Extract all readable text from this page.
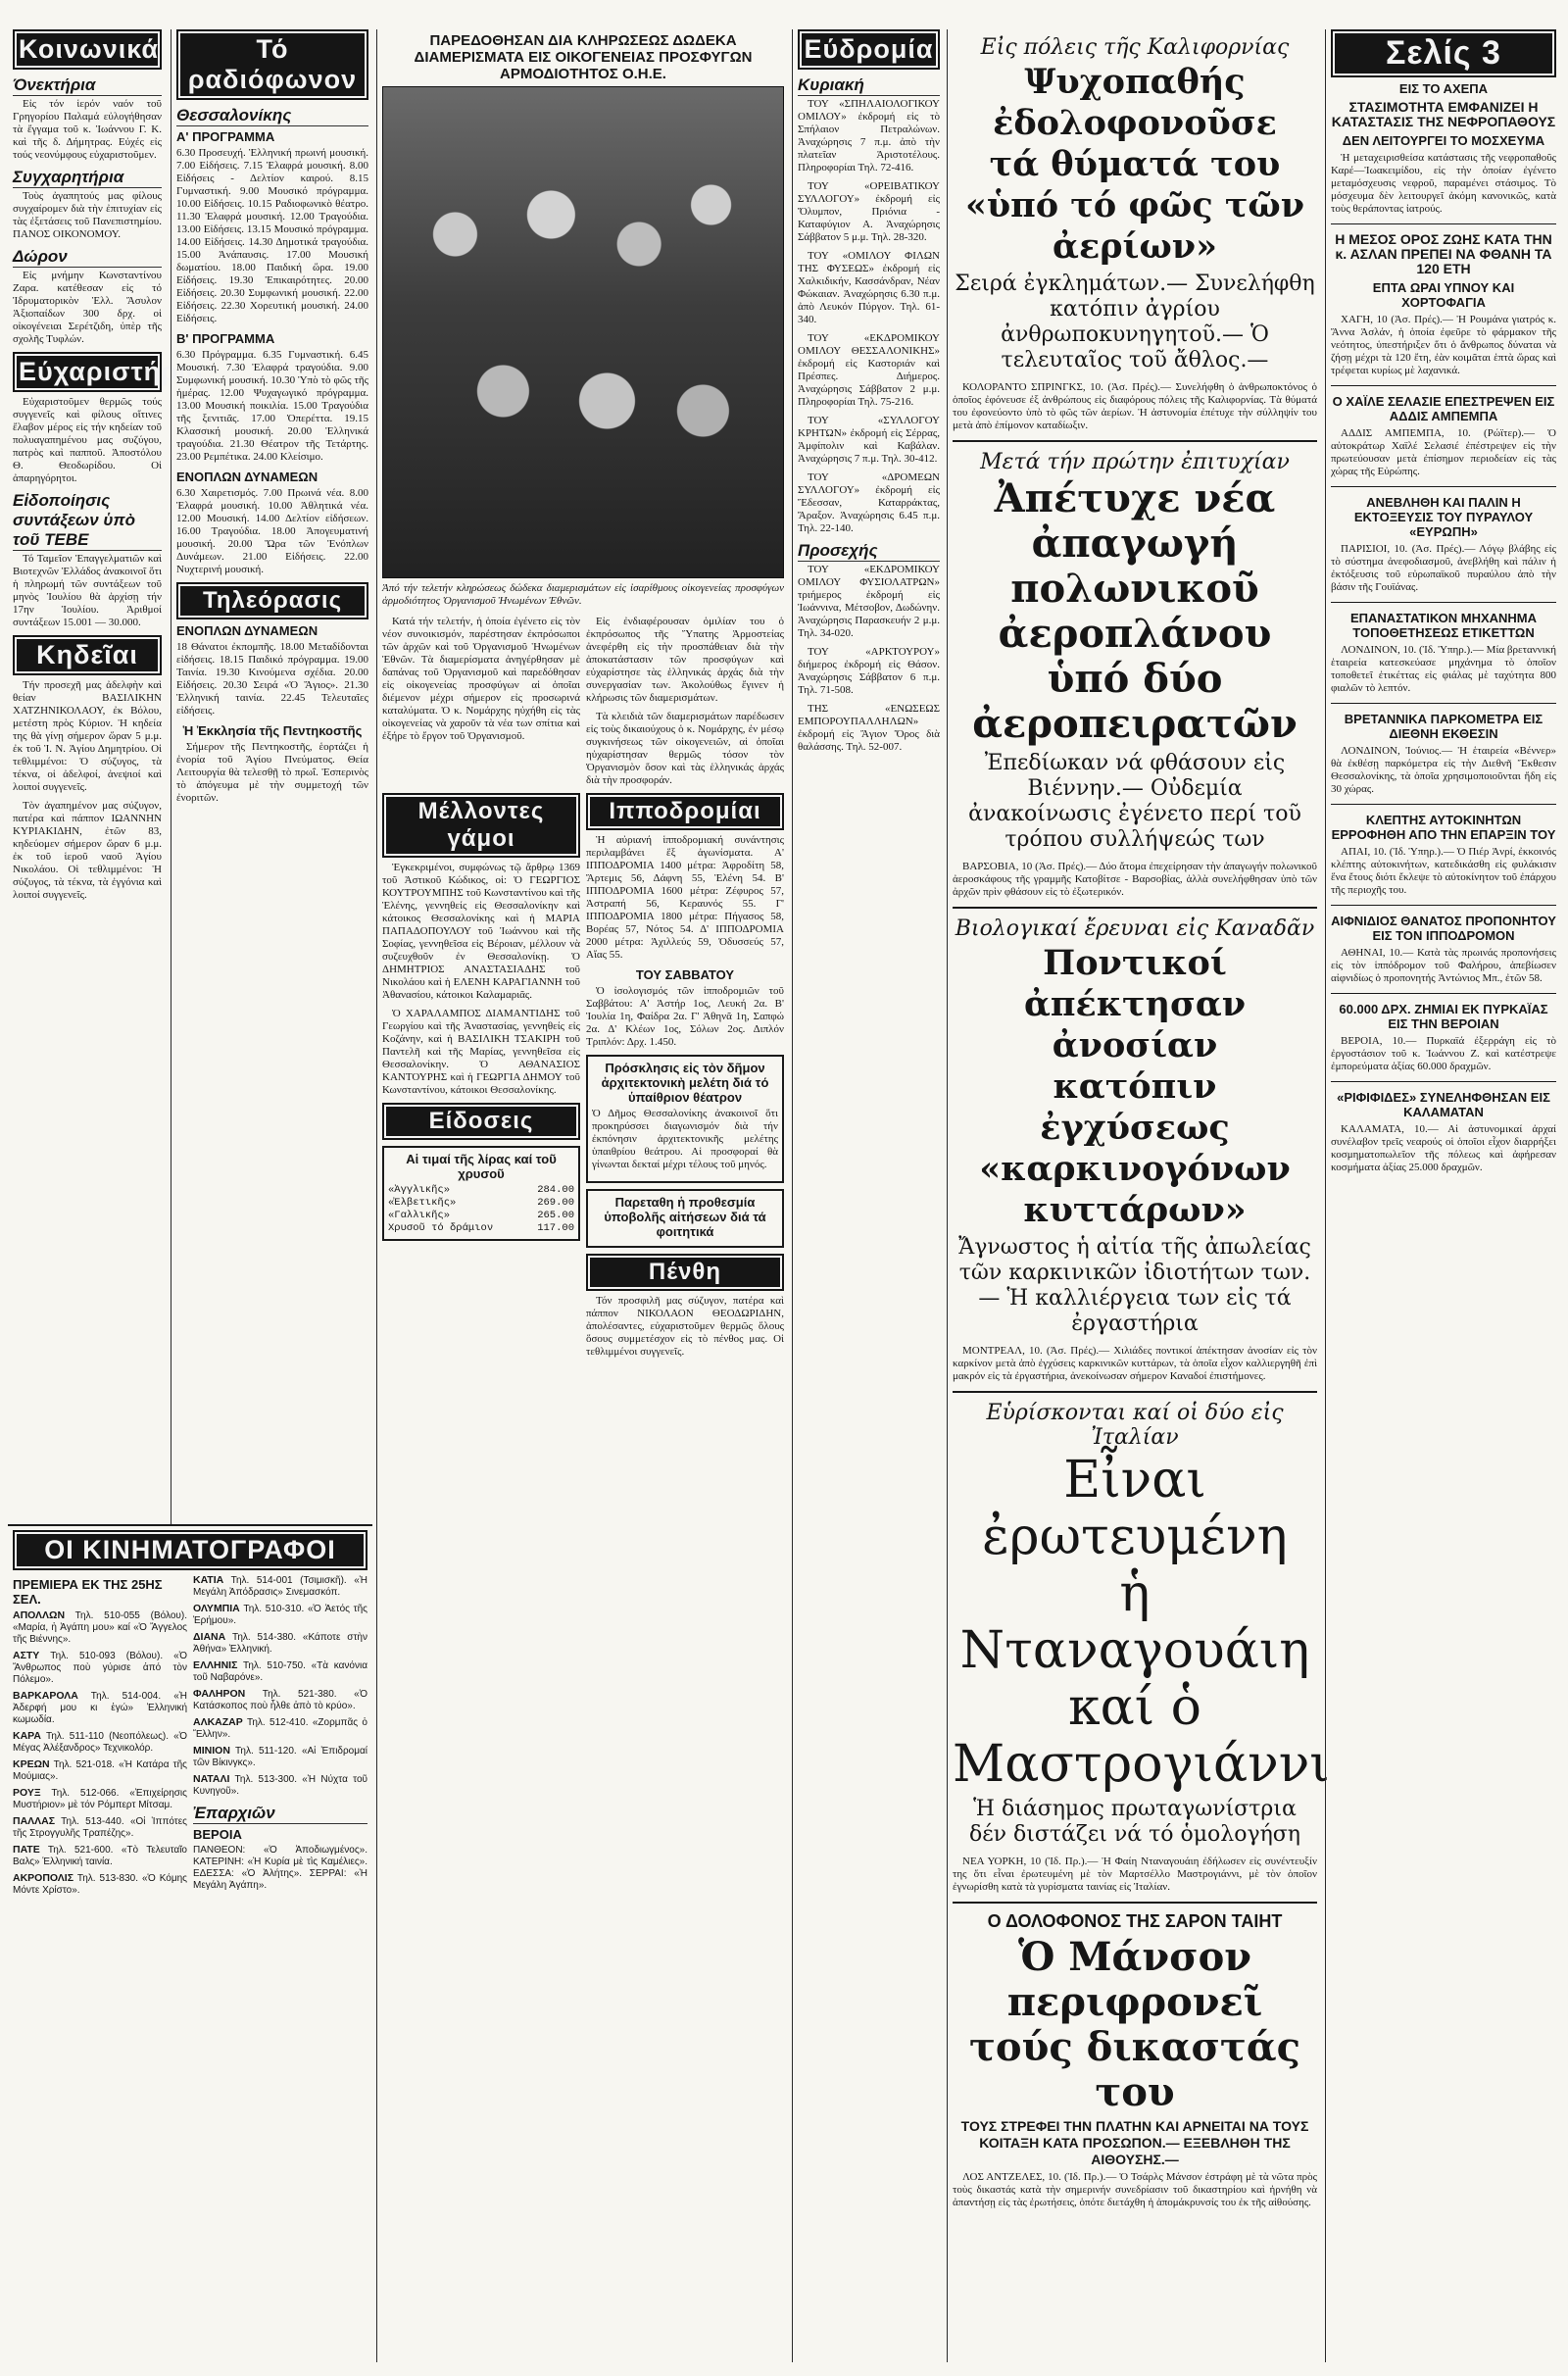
Κοινωνικά
Όνεκτήρια

Εἰς τόν ἱερόν ναόν τοῦ Γρηγορίου Παλαμά εὐλογήθησαν τὰ ἔγγαμα τοῦ κ. Ἰωάννου Γ. Κ. καὶ τῆς δ. Δήμητρας. Εὐχές εἰς τούς νεονύμφους εὐχαριστοῦμεν.

Συγχαρητήρια

Τοὺς ἀγαπητούς μας φίλους συγχαίρομεν διὰ τὴν ἐπιτυχίαν εἰς τὰς ἐξετάσεις τοῦ Πανεπιστημίου. ΠΑΝΟΣ ΟΙΚΟΝΟΜΟΥ.

Δώρον

Εἰς μνήμην Κωνσταντίνου Ζαρα. κατέθεσαν εἰς τό Ἰδρυματορικὸν Ἑλλ. Ἄσυλον Ἀξιοπαίδων 300 δρχ. οἱ οἰκογένειαι Σερέτζιδη, ὑπὲρ τῆς σχολῆς Τυφλών.

Εύχαριστήρια

Εὐχαριστοῦμεν θερμῶς τούς συγγενεῖς καὶ φίλους οἵτινες ἔλαβον μέρος εἰς τήν κηδείαν τοῦ πολυαγαπημένου μας συζύγου, πατρὸς καὶ παπποῦ. Ἀποστόλου Θ. Θεοδωρίδου. Οἱ ἀπαρηγόρητοι.

Εἰδοποίησις συντάξεων ὑπὸ τοῦ ΤΕΒΕ

Τό Ταμεῖον Ἐπαγγελματιῶν καὶ Βιοτεχνῶν Ἑλλάδος ἀνακοινοῖ ὅτι ἡ πληρωμή τῶν συντάξεων τοῦ μηνὸς Ἰουλίου θὰ ἀρχίσῃ τήν 17ην Ἰουλίου. Ἀριθμοί συντάξεων 15.001 — 30.000.

Κηδεῖαι

Τήν προσεχῆ μας ἀδελφὴν καὶ θείαν ΒΑΣΙΛΙΚΗΝ ΧΑΤΖΗΝΙΚΟΛΑΟΥ, ἐκ Βόλου, μετέστη πρὸς Κύριον. Ἡ κηδεία της θὰ γίνῃ σήμερον ὥραν 5 μ.μ. ἐκ τοῦ Ἱ. Ν. Ἀγίου Δημητρίου. Οἱ τεθλιμμένοι: Ὁ σύζυγος, τὰ τέκνα, οἱ ἀδελφοί, ἀνεψιοί καὶ λοιποί συγγενεῖς.

Τὸν ἀγαπημένον μας σύζυγον, πατέρα καὶ πάππον ΙΩΑΝΝΗΝ ΚΥΡΙΑΚΙΔΗΝ, ἐτῶν 83, κηδεύομεν σήμερον ὥραν 6 μ.μ. ἐκ τοῦ ἱεροῦ ναοῦ Ἁγίου Νικολάου. Οἱ τεθλιμμένοι: Ἡ σύζυγος, τὰ τέκνα, τὰ ἐγγόνια καὶ λοιποί συγγενεῖς.

Τό ραδιόφωνον
Θεσσαλονίκης
Α' ΠΡΟΓΡΑΜΜΑ

6.30 Προσευχή. Ἑλληνική πρωινή μουσική. 7.00 Εἰδήσεις. 7.15 Ἐλαφρά μουσική. 8.00 Εἰδήσεις - Δελτίον καιρού. 8.15 Γυμναστική. 9.00 Μουσικό πρόγραμμα. 10.00 Εἰδήσεις. 10.15 Ραδιοφωνικὸ θέατρο. 11.30 Ἐλαφρά μουσική. 12.00 Τραγούδια. 13.00 Εἰδήσεις. 13.15 Μουσικό πρόγραμμα. 14.00 Εἰδήσεις. 14.30 Δημοτικά τραγούδια. 15.00 Ἀνάπαυσις. 17.00 Μουσική δωματίου. 18.00 Παιδική ὥρα. 19.00 Εἰδήσεις. 19.30 Ἐπικαιρότητες. 20.00 Εἰδήσεις. 20.30 Συμφωνική μουσική. 22.00 Εἰδήσεις. 22.30 Χορευτική μουσική. 24.00 Εἰδήσεις.

Β' ΠΡΟΓΡΑΜΜΑ

6.30 Πρόγραμμα. 6.35 Γυμναστική. 6.45 Μουσική. 7.30 Ἐλαφρά τραγούδια. 9.00 Συμφωνική μουσική. 10.30 Ὑπὸ τὸ φῶς τῆς ἡμέρας. 12.00 Ψυχαγωγικό πρόγραμμα. 13.00 Μουσική ποικιλία. 15.00 Τραγούδια τῆς ξενιτιᾶς. 17.00 Ὀπερέττα. 19.15 Κλασσική μουσική. 20.00 Ἑλληνικά τραγούδια. 21.30 Θέατρον τῆς Τετάρτης. 23.00 Ρεμπέτικα. 24.00 Κλείσιμο.

ΕΝΟΠΛΩΝ ΔΥΝΑΜΕΩΝ

6.30 Χαιρετισμός. 7.00 Πρωινά νέα. 8.00 Ἐλαφρά μουσική. 10.00 Ἀθλητικά νέα. 12.00 Μουσική. 14.00 Δελτίον εἰδήσεων. 16.00 Τραγούδια. 18.00 Ἀπογευματινή μουσική. 20.00 Ὥρα τῶν Ἐνόπλων Δυνάμεων. 21.00 Εἰδήσεις. 22.00 Νυχτερινή μουσική.

Τηλεόρασις
ΕΝΟΠΛΩΝ ΔΥΝΑΜΕΩΝ

18 Θάνατοι ἐκπομπῆς. 18.00 Μεταδίδονται εἰδήσεις. 18.15 Παιδικό πρόγραμμα. 19.00 Ταινία. 19.30 Κινούμενα σχέδια. 20.00 Εἰδήσεις. 20.30 Σειρά «Ὁ Ἅγιος». 21.30 Ἑλληνική ταινία. 22.45 Τελευταῖες εἰδήσεις.

Ἡ Ἐκκλησία τῆς Πεντηκοστῆς

Σήμερον τῆς Πεντηκοστῆς, ἑορτάζει ἡ ἐνορία τοῦ Ἁγίου Πνεύματος. Θεία Λειτουργία θὰ τελεσθῇ τὸ πρωΐ. Ἐσπερινὸς τὸ ἀπόγευμα μὲ τὴν συμμετοχή τῶν ἐνοριτῶν.

ΠΑΡΕΔΟΘΗΣΑΝ ΔΙΑ ΚΛΗΡΩΣΕΩΣ ΔΩΔΕΚΑ ΔΙΑΜΕΡΙΣΜΑΤΑ ΕΙΣ ΟΙΚΟΓΕΝΕΙΑΣ ΠΡΟΣΦΥΓΩΝ ΑΡΜΟΔΙΟΤΗΤΟΣ Ο.Η.Ε.

Ἀπό τήν τελετήν κληρώσεως δώδεκα διαμερισμάτων εἰς ἰσαρίθμους οἰκογενείας προσφύγων ἁρμοδιότητος Ὀργανισμοῦ Ἡνωμένων Ἐθνῶν.

Κατά τήν τελετήν, ἡ ὁποία ἐγένετο εἰς τὸν νέον συνοικισμόν, παρέστησαν ἐκπρόσωποι τῶν ἀρχῶν καὶ τοῦ Ὀργανισμοῦ Ἡνωμένων Ἐθνῶν. Τὰ διαμερίσματα ἀνηγέρθησαν μὲ δαπάνας τοῦ Ὀργανισμοῦ καὶ παρεδόθησαν εἰς οἰκογενείας προσφύγων αἱ ὁποῖαι διέμενον μέχρι σήμερον εἰς προσωρινά καταλύματα. Ὁ κ. Νομάρχης ηὐχήθη εἰς τὰς οἰκογενείας νὰ χαροῦν τὰ νέα των σπίτια καὶ ἐξήρε τὸ ἔργον τοῦ Ὀργανισμοῦ.

Εἰς ἐνδιαφέρουσαν ὁμιλίαν του ὁ ἐκπρόσωπος τῆς Ὕπατης Ἀρμοστείας ἀνεφέρθη εἰς τὴν προσπάθειαν διὰ τὴν ἀποκατάστασιν τῶν προσφύγων καὶ εὐχαρίστησε τὰς ἑλληνικάς ἀρχάς διὰ τὴν συνεργασίαν των. Ἀκολούθως ἔγινεν ἡ κλήρωσις τῶν διαμερισμάτων.

Τὰ κλειδιὰ τῶν διαμερισμάτων παρέδωσεν εἰς τοὺς δικαιούχους ὁ κ. Νομάρχης, ἐν μέσῳ συγκινήσεως τῶν οἰκογενειῶν, αἱ ὁποῖαι ηὐχαρίστησαν θερμῶς τόσον τὸν Ὀργανισμὸν ὅσον καὶ τὰς ἑλληνικάς ἀρχάς διὰ τὴν προσφοράν.

Μέλλοντες γάμοι

Ἐγκεκριμένοι, συμφώνως τῷ ἄρθρῳ 1369 τοῦ Ἀστικοῦ Κώδικος, οἱ: Ὁ ΓΕΩΡΓΙΟΣ ΚΟΥΤΡΟΥΜΠΗΣ τοῦ Κωνσταντίνου καὶ τῆς Ἑλένης, γεννηθείς εἰς Θεσσαλονίκην καὶ κάτοικος Θεσσαλονίκης καὶ ἡ ΜΑΡΙΑ ΠΑΠΑΔΟΠΟΥΛΟΥ τοῦ Ἰωάννου καὶ τῆς Σοφίας, γεννηθεῖσα εἰς Βέροιαν, μέλλουν νὰ συζευχθοῦν ἐν Θεσσαλονίκῃ. Ὁ ΔΗΜΗΤΡΙΟΣ ΑΝΑΣΤΑΣΙΑΔΗΣ τοῦ Νικολάου καὶ ἡ ΕΛΕΝΗ ΚΑΡΑΓΙΑΝΝΗ τοῦ Ἀθανασίου, κάτοικοι Καλαμαριᾶς.

Ὁ ΧΑΡΑΛΑΜΠΟΣ ΔΙΑΜΑΝΤΙΔΗΣ τοῦ Γεωργίου καὶ τῆς Ἀναστασίας, γεννηθείς εἰς Κοζάνην, καὶ ἡ ΒΑΣΙΛΙΚΗ ΤΣΑΚΙΡΗ τοῦ Παντελῆ καὶ τῆς Μαρίας, γεννηθεῖσα εἰς Θεσσαλονίκην. Ὁ ΑΘΑΝΑΣΙΟΣ ΚΑΝΤΟΥΡΗΣ καὶ ἡ ΓΕΩΡΓΙΑ ΔΗΜΟΥ τοῦ Κωνσταντίνου, κάτοικοι Θεσσαλονίκης.

Είδοσεις
Αἱ τιμαί τῆς λίρας καί τοῦ χρυσοῦ
«Ἀγγλικῆς»	284.00
«Ἐλβετικῆς»	269.00
«Γαλλικῆς»	265.00
Χρυσοῦ τό δράμιον	117.00
Ιπποδρομίαι

Ἡ αὐριανή ἱπποδρομιακή συνάντησις περιλαμβάνει ἕξ ἀγωνίσματα. Α' ΙΠΠΟΔΡΟΜΙΑ 1400 μέτρα: Ἀφροδίτη 58, Ἄρτεμις 56, Δάφνη 55, Ἑλένη 54. Β' ΙΠΠΟΔΡΟΜΙΑ 1600 μέτρα: Ζέφυρος 57, Ἀστραπή 56, Κεραυνός 55. Γ' ΙΠΠΟΔΡΟΜΙΑ 1800 μέτρα: Πήγασος 58, Βορέας 57, Νότος 54. Δ' ΙΠΠΟΔΡΟΜΙΑ 2000 μέτρα: Ἀχιλλεύς 59, Ὀδυσσεύς 57, Αἴας 55.

ΤΟΥ ΣΑΒΒΑΤΟΥ

Ὁ ἰσολογισμός τῶν ἱπποδρομιῶν τοῦ Σαββάτου: Α' Ἀστήρ 1ος, Λευκή 2α. Β' Ἰουλία 1η, Φαίδρα 2α. Γ' Ἀθηνᾶ 1η, Σαπφώ 2α. Δ' Κλέων 1ος, Σόλων 2ος. Διπλόν Τριπλόν: Δρχ. 1.450.

Πρόσκλησις εἰς τὸν δῆμον ἀρχιτεκτονικὴ μελέτη διά τό ὑπαίθριον θέατρον

Ὁ Δῆμος Θεσσαλονίκης ἀνακοινοῖ ὅτι προκηρύσσει διαγωνισμόν διὰ τήν ἐκπόνησιν ἀρχιτεκτονικῆς μελέτης ὑπαιθρίου θεάτρου. Αἱ προσφοραί θὰ γίνωνται δεκταί μέχρι τέλους τοῦ μηνός.

Παρεταθη ἡ προθεσμία ὑποβολῆς αἰτήσεων διά τά φοιτητικά
Πένθη

Τόν προσφιλῆ μας σύζυγον, πατέρα καὶ πάππον ΝΙΚΟΛΑΟΝ ΘΕΟΔΩΡΙΔΗΝ, ἀπολέσαντες, εὐχαριστοῦμεν θερμῶς ὅλους ὅσους συμμετέσχον εἰς τὸ πένθος μας. Οἱ τεθλιμμένοι συγγενεῖς.

Εύδρομία
Κυριακή

ΤΟΥ «ΣΠΗΛΑΙΟΛΟΓΙΚΟΥ ΟΜΙΛΟΥ» ἐκδρομή εἰς τὸ Σπήλαιον Πετραλώνων. Ἀναχώρησις 7 π.μ. ἀπὸ τὴν πλατεῖαν Ἀριστοτέλους. Πληροφορίαι Τηλ. 72-416.

ΤΟΥ «ΟΡΕΙΒΑΤΙΚΟΥ ΣΥΛΛΟΓΟΥ» ἐκδρομή εἰς Ὄλυμπον, Πριόνια - Καταφύγιον Α. Ἀναχώρησις Σάββατον 5 μ.μ. Τηλ. 28-320.

ΤΟΥ «ΟΜΙΛΟΥ ΦΙΛΩΝ ΤΗΣ ΦΥΣΕΩΣ» ἐκδρομή εἰς Χαλκιδικήν, Κασσάνδραν, Νέαν Φώκαιαν. Ἀναχώρησις 6.30 π.μ. ἀπὸ Λευκόν Πύργον. Τηλ. 61-340.

ΤΟΥ «ΕΚΔΡΟΜΙΚΟΥ ΟΜΙΛΟΥ ΘΕΣΣΑΛΟΝΙΚΗΣ» ἐκδρομή εἰς Καστοριάν καὶ Πρέσπες. Διήμερος. Ἀναχώρησις Σάββατον 2 μ.μ. Πληροφορίαι Τηλ. 75-216.

ΤΟΥ «ΣΥΛΛΟΓΟΥ ΚΡΗΤΩΝ» ἐκδρομή εἰς Σέρρας, Ἀμφίπολιν καὶ Καβάλαν. Ἀναχώρησις 7 π.μ. Τηλ. 30-412.

ΤΟΥ «ΔΡΟΜΕΩΝ ΣΥΛΛΟΓΟΥ» ἐκδρομή εἰς Ἔδεσσαν, Καταρράκτας, Ἄραξον. Ἀναχώρησις 6.45 π.μ. Τηλ. 22-140.

Προσεχής

ΤΟΥ «ΕΚΔΡΟΜΙΚΟΥ ΟΜΙΛΟΥ ΦΥΣΙΟΛΑΤΡΩΝ» τριήμερος ἐκδρομή εἰς Ἰωάννινα, Μέτσοβον, Δωδώνην. Ἀναχώρησις Παρασκευήν 2 μ.μ. Τηλ. 34-020.

ΤΟΥ «ΑΡΚΤΟΥΡΟΥ» διήμερος ἐκδρομή εἰς Θάσον. Ἀναχώρησις Σάββατον 6 π.μ. Τηλ. 71-508.

ΤΗΣ «ΕΝΩΣΕΩΣ ΕΜΠΟΡΟΥΠΑΛΛΗΛΩΝ» ἐκδρομή εἰς Ἄγιον Ὄρος διὰ θαλάσσης. Τηλ. 52-007.

Εἰς πόλεις τῆς Καλιφορνίας

Ψυχοπαθής ἐδολοφονοῦσε

τά θύματά του

«ὑπό τό φῶς τῶν ἀερίων»

Σειρά ἐγκλημάτων.— Συνελήφθη κατόπιν ἀγρίου ἀνθρωποκυνηγητοῦ.— Ὁ τελευταῖος τοῦ ἄθλος.—

ΚΟΛΟΡΑΝΤΟ ΣΠΡΙΝΓΚΣ, 10. (Ἀσ. Πρές).— Συνελήφθη ὁ ἀνθρωποκτόνος ὁ ὁποῖος ἐφόνευσε ἐξ ἀνθρώπους εἰς διαφόρους πόλεις τῆς Καλιφορνίας. Τὰ θύματά του ἐφονεύοντο ὑπὸ τὸ φῶς τῶν ἀερίων. Ἡ ἀστυνομία ἐπέτυχε τὴν σύλληψίν του μετὰ ἀπὸ ἐπίμονον καταδίωξιν.

Μετά τήν πρώτην ἐπιτυχίαν

Ἀπέτυχε νέα ἀπαγωγή

πολωνικοῦ ἀεροπλάνου

ὑπό δύο ἀεροπειρατῶν

Ἐπεδίωκαν νά φθάσουν εἰς Βιέννην.— Οὐδεμία ἀνακοίνωσις ἐγένετο περί τοῦ τρόπου συλλήψεώς των

ΒΑΡΣΟΒΙΑ, 10 (Ἀσ. Πρές).— Δύο ἄτομα ἐπεχείρησαν τὴν ἀπαγωγήν πολωνικοῦ ἀεροσκάφους τῆς γραμμῆς Κατοβίτσε - Βαρσοβίας, ἀλλὰ συνελήφθησαν ὑπὸ τῶν ἀρχῶν πρὶν φθάσουν εἰς τὸ ἐξωτερικόν.

Βιολογικαί ἔρευναι εἰς Καναδᾶν

Ποντικοί ἀπέκτησαν ἀνοσίαν

κατόπιν ἐγχύσεως

«καρκινογόνων κυττάρων»

Ἄγνωστος ἡ αἰτία τῆς ἀπωλείας τῶν καρκινικῶν ἰδιοτήτων των.— Ἡ καλλιέργεια των εἰς τά ἐργαστήρια

ΜΟΝΤΡΕΑΛ, 10. (Ἀσ. Πρές).— Χιλιάδες ποντικοί ἀπέκτησαν ἀνοσίαν εἰς τὸν καρκίνον μετὰ ἀπὸ ἐγχύσεις καρκινικῶν κυττάρων, τὰ ὁποῖα εἶχον καλλιεργηθῆ ἐπὶ μακρόν εἰς τὰ ἐργαστήρια, ἀνεκοίνωσαν σήμερον Καναδοί ἐπιστήμονες.

Εὑρίσκονται καί οἱ δύο εἰς Ἰταλίαν

Εἶναι ἐρωτευμένη

ἡ Νταναγουάιη

καί ὁ Μαστρογιάννι

Ἡ διάσημος πρωταγωνίστρια δέν διστάζει νά τό ὁμολογήση

ΝΕΑ ΥΟΡΚΗ, 10 (Ἰδ. Πρ.).— Ἡ Φαίη Νταναγουάιη ἐδήλωσεν εἰς συνέντευξίν της ὅτι εἶναι ἐρωτευμένη μὲ τὸν Μαρτσέλλο Μαστρογιάννι, μὲ τὸν ὁποῖον ἐγνωρίσθη κατὰ τὰ γυρίσματα ταινίας εἰς Ἰταλίαν.

Ο ΔΟΛΟΦΟΝΟΣ ΤΗΣ ΣΑΡΟΝ ΤΑΙΗΤ

Ὁ Μάνσον περιφρονεῖ

τούς δικαστάς του

ΤΟΥΣ ΣΤΡΕΦΕΙ ΤΗΝ ΠΛΑΤΗΝ ΚΑΙ ΑΡΝΕΙΤΑΙ ΝΑ ΤΟΥΣ ΚΟΙΤΑΞΗ ΚΑΤΑ ΠΡΟΣΩΠΟΝ.— ΕΞΕΒΛΗΘΗ ΤΗΣ ΑΙΘΟΥΣΗΣ.—

ΛΟΣ ΑΝΤΖΕΛΕΣ, 10. (Ἰδ. Πρ.).— Ὁ Τσάρλς Μάνσον ἐστράφη μὲ τὰ νῶτα πρὸς τοὺς δικαστάς κατὰ τὴν σημερινήν συνεδρίασιν τοῦ δικαστηρίου καὶ ἠρνήθη νὰ ἀπαντήσῃ εἰς τὰς ἐρωτήσεις, ὁπότε διετάχθη ἡ ἀπομάκρυνσίς του ἐκ τῆς αἰθούσης.

Σελίς 3
ΕΙΣ ΤΟ ΑΧΕΠΑ
ΣΤΑΣΙΜΟΤΗΤΑ ΕΜΦΑΝΙΖΕΙ Η ΚΑΤΑΣΤΑΣΙΣ ΤΗΣ ΝΕΦΡΟΠΑΘΟΥΣ
ΔΕΝ ΛΕΙΤΟΥΡΓΕΙ ΤΟ ΜΟΣΧΕΥΜΑ

Ἡ μεταχειρισθείσα κατάστασις τῆς νεφροπαθοῦς Καρέ—Ἰωακειμίδου, εἰς τὴν ὁποίαν ἐγένετο μεταμόσχευσις νεφροῦ, παραμένει στάσιμος. Τὸ μόσχευμα δὲν λειτουργεῖ ἀκόμη κανονικῶς, κατὰ τοὺς θεράποντας ἰατρούς.

Η ΜΕΣΟΣ ΟΡΟΣ ΖΩΗΣ ΚΑΤΑ ΤΗΝ κ. ΑΣΛΑΝ ΠΡΕΠΕΙ ΝΑ ΦΘΑΝΗ ΤΑ 120 ΕΤΗ
ΕΠΤΑ ΩΡΑΙ ΥΠΝΟΥ ΚΑΙ ΧΟΡΤΟΦΑΓΙΑ

ΧΑΓΗ, 10 (Ἀσ. Πρές).— Ἡ Ρουμάνα γιατρός κ. Ἄννα Ἀσλάν, ἡ ὁποία ἐφεῦρε τὸ φάρμακον τῆς νεότητος, ὑπεστήριξεν ὅτι ὁ ἄνθρωπος δύναται νὰ ζήσῃ μέχρι τὰ 120 ἔτη, ἐὰν κοιμᾶται ἑπτὰ ὥρας καὶ τρέφεται κυρίως μὲ λαχανικά.

Ο ΧΑΪΛΕ ΣΕΛΑΣΙΕ ΕΠΕΣΤΡΕΨΕΝ ΕΙΣ ΑΔΔΙΣ ΑΜΠΕΜΠΑ

ΑΔΔΙΣ ΑΜΠΕΜΠΑ, 10. (Ρώϊτερ).— Ὁ αὐτοκράτωρ Χαϊλέ Σελασιέ ἐπέστρεψεν εἰς τὴν πρωτεύουσαν μετὰ ἐπίσημον περιοδείαν εἰς τὰς χώρας τῆς Εὐρώπης.

ΑΝΕΒΛΗΘΗ ΚΑΙ ΠΑΛΙΝ Η ΕΚΤΟΞΕΥΣΙΣ ΤΟΥ ΠΥΡΑΥΛΟΥ «ΕΥΡΩΠΗ»

ΠΑΡΙΣΙΟΙ, 10. (Ἀσ. Πρές).— Λόγῳ βλάβης εἰς τὸ σύστημα ἀνεφοδιασμοῦ, ἀνεβλήθη καὶ πάλιν ἡ ἐκτόξευσις τοῦ εὐρωπαϊκοῦ πυραύλου ἀπὸ τὴν βάσιν τῆς Γουϊάνας.

ΕΠΑΝΑΣΤΑΤΙΚΟΝ ΜΗΧΑΝΗΜΑ ΤΟΠΟΘΕΤΗΣΕΩΣ ΕΤΙΚΕΤΤΩΝ

ΛΟΝΔΙΝΟΝ, 10. (Ἰδ. Ὑπηρ.).— Μία βρεταννική ἑταιρεία κατεσκεύασε μηχάνημα τὸ ὁποῖον τοποθετεῖ ἐτικέττας εἰς φιάλας μὲ ταχύτητα 800 φιαλῶν τὸ λεπτόν.

ΒΡΕΤΑΝΝΙΚΑ ΠΑΡΚΟΜΕΤΡΑ ΕΙΣ ΔΙΕΘΝΗ ΕΚΘΕΣΙΝ

ΛΟΝΔΙΝΟΝ, Ἰούνιος.— Ἡ ἑταιρεία «Βέννερ» θὰ ἐκθέσῃ παρκόμετρα εἰς τὴν Διεθνῆ Ἔκθεσιν Θεσσαλονίκης, τὰ ὁποῖα χρησιμοποιοῦνται ἤδη εἰς 30 χώρας.

ΚΛΕΠΤΗΣ ΑΥΤΟΚΙΝΗΤΩΝ ΕΡΡΟΦΗΘΗ ΑΠΟ ΤΗΝ ΕΠΑΡΞΙΝ ΤΟΥ

ΑΠΑΙ, 10. (Ἰδ. Ὑπηρ.).— Ὁ Πιέρ Ἀνρί, ἐκκοινός κλέπτης αὐτοκινήτων, κατεδικάσθη εἰς φυλάκισιν ἕνα ἔτους διότι ἔκλεψε τὸ αὐτοκίνητον τοῦ ἐπάρχου τῆς περιοχῆς του.

ΑΙΦΝΙΔΙΟΣ ΘΑΝΑΤΟΣ ΠΡΟΠΟΝΗΤΟΥ ΕΙΣ ΤΟΝ ΙΠΠΟΔΡΟΜΟΝ

ΑΘΗΝΑΙ, 10.— Κατὰ τὰς πρωινάς προπονήσεις εἰς τὸν ἱππόδρομον τοῦ Φαλήρου, ἀπεβίωσεν αἰφνιδίως ὁ προπονητής Ἀντώνιος Μπ., ἐτῶν 58.

60.000 ΔΡΧ. ΖΗΜΙΑΙ ΕΚ ΠΥΡΚΑΪΑΣ ΕΙΣ ΤΗΝ ΒΕΡΟΙΑΝ

ΒΕΡΟΙΑ, 10.— Πυρκαϊά ἐξερράγη εἰς τὸ ἐργοστάσιον τοῦ κ. Ἰωάννου Ζ. καὶ κατέστρεψε ἐμπορεύματα ἀξίας 60.000 δραχμῶν.

«ΡΙΦΙΦΙΔΕΣ» ΣΥΝΕΛΗΦΘΗΣΑΝ ΕΙΣ ΚΑΛΑΜΑΤΑΝ

ΚΑΛΑΜΑΤΑ, 10.— Αἱ ἀστυνομικαί ἀρχαί συνέλαβον τρεῖς νεαρούς οἱ ὁποῖοι εἶχον διαρρήξει κοσμηματοπωλεῖον τῆς πόλεως καὶ ἀφήρεσαν κοσμήματα ἀξίας 25.000 δραχμῶν.

ΟΙ ΚΙΝΗΜΑΤΟΓΡΑΦΟΙ
ΠΡΕΜΙΕΡΑ ΕΚ ΤΗΣ 25ΗΣ ΣΕΛ.

ΑΠΟΛΛΩΝ Τηλ. 510-055 (Βόλου). «Μαρία, ἡ Ἀγάπη μου» καί «Ὁ Ἄγγελος τῆς Βιέννης».

ΑΣΤΥ Τηλ. 510-093 (Βόλου). «Ὁ Ἄνθρωπος ποὺ γύρισε ἀπό τὸν Πόλεμο».

ΒΑΡΚΑΡΟΛΑ Τηλ. 514-004. «Ἡ Ἀδερφή μου κι ἐγώ» Ἑλληνική κωμωδία.

ΚΑΡΑ Τηλ. 511-110 (Νεοπόλεως). «Ὁ Μέγας Ἀλέξανδρος» Τεχνικολόρ.

ΚΡΕΩΝ Τηλ. 521-018. «Ἡ Κατάρα τῆς Μούμιας».

ΡΟΥΞ Τηλ. 512-066. «Ἐπιχείρησις Μυστήριον» μὲ τόν Ρόμπερτ Μίτσαμ.

ΠΑΛΛΑΣ Τηλ. 513-440. «Οἱ Ἱππότες τῆς Στρογγυλῆς Τραπέζης».

ΠΑΤΕ Τηλ. 521-600. «Τὸ Τελευταῖο Βαλς» Ἑλληνική ταινία.

ΑΚΡΟΠΟΛΙΣ Τηλ. 513-830. «Ὁ Κόμης Μόντε Χρίστο».

ΚΑΤΙΑ Τηλ. 514-001 (Τσιμισκῆ). «Ἡ Μεγάλη Ἀπόδρασις» Σινεμασκόπ.

ΟΛΥΜΠΙΑ Τηλ. 510-310. «Ὁ Ἀετός τῆς Ἐρήμου».

ΔΙΑΝΑ Τηλ. 514-380. «Κάποτε στὴν Ἀθήνα» Ἑλληνική.

ΕΛΛΗΝΙΣ Τηλ. 510-750. «Τὰ κανόνια τοῦ Ναβαρόνε».

ΦΑΛΗΡΟΝ Τηλ. 521-380. «Ὁ Κατάσκοπος ποὺ ἦλθε ἀπὸ τὸ κρύο».

ΑΛΚΑΖΑΡ Τηλ. 512-410. «Ζορμπᾶς ὁ Ἕλλην».

ΜΙΝΙΟΝ Τηλ. 511-120. «Αἱ Ἐπιδρομαί τῶν Βίκινγκς».

ΝΑΤΑΛΙ Τηλ. 513-300. «Ἡ Νύχτα τοῦ Κυνηγοῦ».

Ἐπαρχιῶν
ΒΕΡΟΙΑ

ΠΑΝΘΕΟΝ: «Ὁ Ἀποδιωγμένος». ΚΑΤΕΡΙΝΗ: «Ἡ Κυρία μὲ τὶς Καμέλιες». ΕΔΕΣΣΑ: «Ὁ Ἀλήτης». ΣΕΡΡΑΙ: «Ἡ Μεγάλη Ἀγάπη».
